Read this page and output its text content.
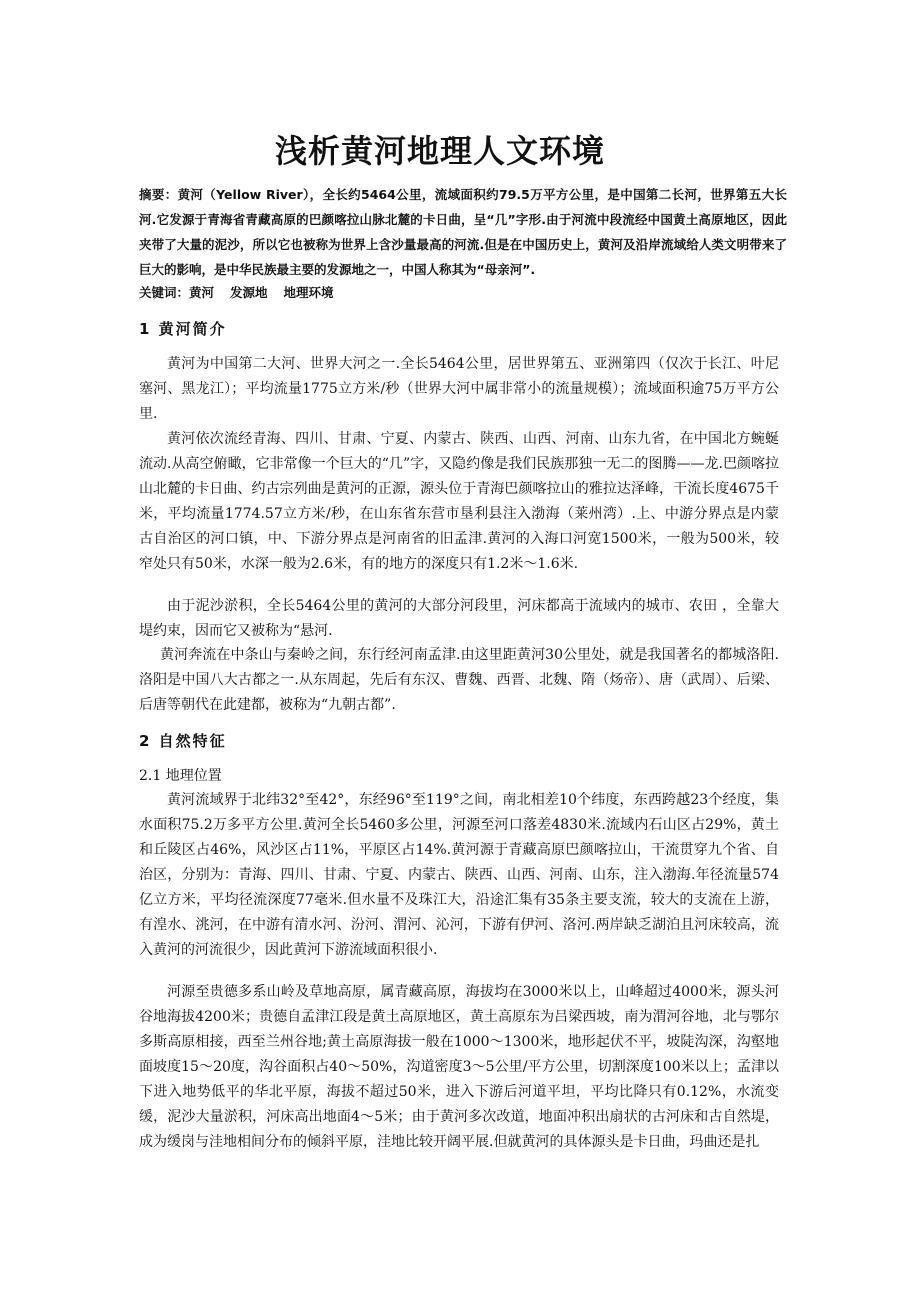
浅析黄河地理人文环境
摘要：黄河（Yellow River），全长约5464公里，流域面积约79.5万平方公里，是中国第二长河，世界第五大长河.它发源于青海省青藏高原的巴颜喀拉山脉北麓的卡日曲，呈“几”字形.由于河流中段流经中国黄土高原地区，因此夹带了大量的泥沙，所以它也被称为世界上含沙量最高的河流.但是在中国历史上，黄河及沿岸流域给人类文明带来了巨大的影响，是中华民族最主要的发源地之一，中国人称其为“母亲河”.
关键词：黄河 发源地 地理环境
1 黄河简介

黄河为中国第二大河、世界大河之一.全长5464公里，居世界第五、亚洲第四（仅次于长江、叶尼塞河、黑龙江）；平均流量1775立方米/秒（世界大河中属非常小的流量规模）；流域面积逾75万平方公里.

黄河依次流经青海、四川、甘肃、宁夏、内蒙古、陕西、山西、河南、山东九省，在中国北方蜿蜒流动.从高空俯瞰，它非常像一个巨大的“几”字，又隐约像是我们民族那独一无二的图腾——龙.巴颜喀拉山北麓的卡日曲、约古宗列曲是黄河的正源，源头位于青海巴颜喀拉山的雅拉达泽峰，干流长度4675千米，平均流量1774.57立方米/秒，在山东省东营市垦利县注入渤海（莱州湾）.上、中游分界点是内蒙古自治区的河口镇，中、下游分界点是河南省的旧孟津.黄河的入海口河宽1500米，一般为500米，较窄处只有50米，水深一般为2.6米，有的地方的深度只有1.2米～1.6米.

由于泥沙淤积，全长5464公里的黄河的大部分河段里，河床都高于流域内的城市、农田 ，全靠大堤约束，因而它又被称为“悬河.

黄河奔流在中条山与秦岭之间，东行经河南孟津.由这里距黄河30公里处，就是我国著名的都城洛阳.洛阳是中国八大古都之一.从东周起，先后有东汉、曹魏、西晋、北魏、隋（炀帝）、唐（武周）、后梁、后唐等朝代在此建都，被称为“九朝古都”.

2 自然特征
2.1 地理位置

黄河流域界于北纬32°至42°，东经96°至119°之间，南北相差10个纬度，东西跨越23个经度，集水面积75.2万多平方公里.黄河全长5460多公里，河源至河口落差4830米.流域内石山区占29%，黄土和丘陵区占46%，风沙区占11%，平原区占14%.黄河源于青藏高原巴颜喀拉山，干流贯穿九个省、自治区，分别为：青海、四川、甘肃、宁夏、内蒙古、陕西、山西、河南、山东，注入渤海.年径流量574亿立方米，平均径流深度77毫米.但水量不及珠江大，沿途汇集有35条主要支流，较大的支流在上游，有湟水、洮河，在中游有清水河、汾河、渭河、沁河，下游有伊河、洛河.两岸缺乏湖泊且河床较高，流入黄河的河流很少，因此黄河下游流域面积很小.

河源至贵德多系山岭及草地高原，属青藏高原，海拔均在3000米以上，山峰超过4000米，源头河谷地海拔4200米；贵德自孟津江段是黄土高原地区，黄土高原东为吕梁西坡，南为渭河谷地，北与鄂尔多斯高原相接，西至兰州谷地;黄土高原海拔一般在1000～1300米，地形起伏不平，坡陡沟深，沟壑地面坡度15～20度，沟谷面积占40～50%，沟道密度3～5公里/平方公里，切割深度100米以上；孟津以下进入地势低平的华北平原，海拔不超过50米，进入下游后河道平坦，平均比降只有0.12%，水流变缓，泥沙大量淤积，河床高出地面4～5米；由于黄河多次改道，地面冲积出扇状的古河床和古自然堤，成为缓岗与洼地相间分布的倾斜平原，洼地比较开阔平展.但就黄河的具体源头是卡日曲，玛曲还是扎
